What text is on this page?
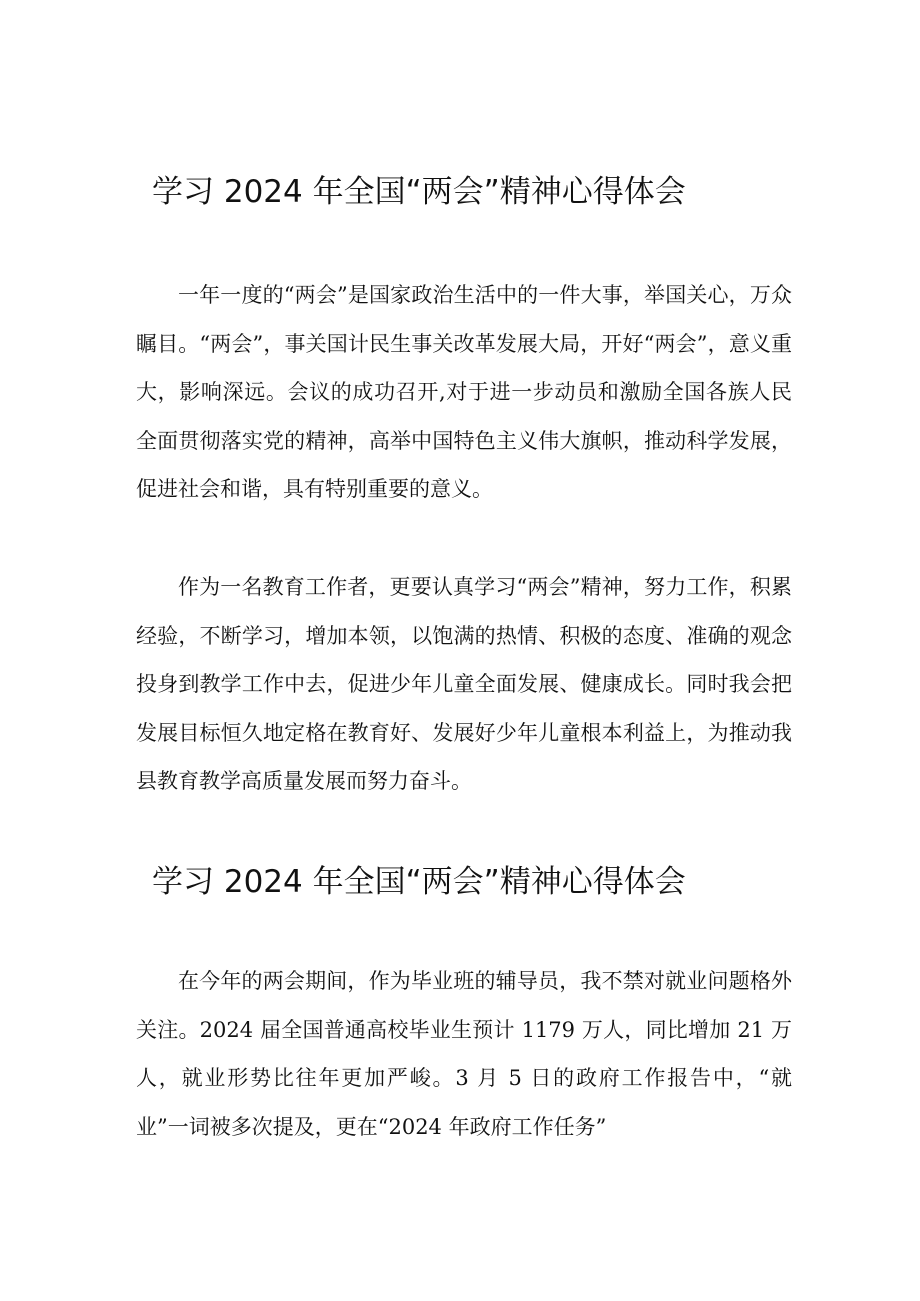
学习 2024 年全国“两会”精神心得体会

一年一度的“两会”是国家政治生活中的一件大事，举国关心，万众瞩目。“两会”，事关国计民生事关改革发展大局，开好“两会”，意义重大，影响深远。会议的成功召开,对于进一步动员和激励全国各族人民全面贯彻落实党的精神，高举中国特色主义伟大旗帜，推动科学发展，促进社会和谐，具有特别重要的意义。

作为一名教育工作者，更要认真学习“两会”精神，努力工作，积累经验，不断学习，增加本领，以饱满的热情、积极的态度、准确的观念投身到教学工作中去，促进少年儿童全面发展、健康成长。同时我会把发展目标恒久地定格在教育好、发展好少年儿童根本利益上，为推动我县教育教学高质量发展而努力奋斗。

学习 2024 年全国“两会”精神心得体会

在今年的两会期间，作为毕业班的辅导员，我不禁对就业问题格外关注。2024 届全国普通高校毕业生预计 1179 万人，同比增加 21 万人，就业形势比往年更加严峻。3 月 5 日的政府工作报告中，“就业”一词被多次提及，更在“2024 年政府工作任务”
